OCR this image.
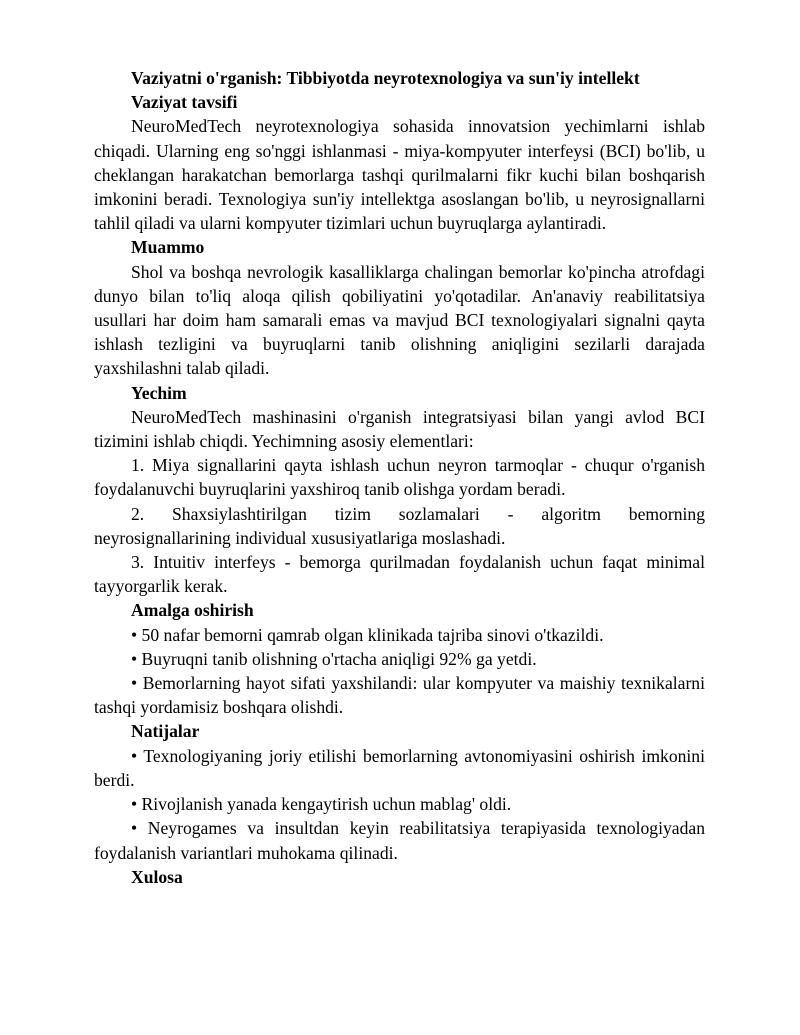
Vaziyatni o'rganish: Tibbiyotda neyrotexnologiya va sun'iy intellekt

Vaziyat tavsifi

NeuroMedTech neyrotexnologiya sohasida innovatsion yechimlarni ishlab chiqadi. Ularning eng so'nggi ishlanmasi - miya-kompyuter interfeysi (BCI) bo'lib, u cheklangan harakatchan bemorlarga tashqi qurilmalarni fikr kuchi bilan boshqarish imkonini beradi. Texnologiya sun'iy intellektga asoslangan bo'lib, u neyrosignallarni tahlil qiladi va ularni kompyuter tizimlari uchun buyruqlarga aylantiradi.

Muammo

Shol va boshqa nevrologik kasalliklarga chalingan bemorlar ko'pincha atrofdagi dunyo bilan to'liq aloqa qilish qobiliyatini yo'qotadilar. An'anaviy reabilitatsiya usullari har doim ham samarali emas va mavjud BCI texnologiyalari signalni qayta ishlash tezligini va buyruqlarni tanib olishning aniqligini sezilarli darajada yaxshilashni talab qiladi.

Yechim

NeuroMedTech mashinasini o'rganish integratsiyasi bilan yangi avlod BCI tizimini ishlab chiqdi. Yechimning asosiy elementlari:

1. Miya signallarini qayta ishlash uchun neyron tarmoqlar - chuqur o'rganish foydalanuvchi buyruqlarini yaxshiroq tanib olishga yordam beradi.

2. Shaxsiylashtirilgan tizim sozlamalari - algoritm bemorning neyrosignallarining individual xususiyatlariga moslashadi.

3. Intuitiv interfeys - bemorga qurilmadan foydalanish uchun faqat minimal tayyorgarlik kerak.

Amalga oshirish

• 50 nafar bemorni qamrab olgan klinikada tajriba sinovi o'tkazildi.

• Buyruqni tanib olishning o'rtacha aniqligi 92% ga yetdi.

• Bemorlarning hayot sifati yaxshilandi: ular kompyuter va maishiy texnikalarni tashqi yordamisiz boshqara olishdi.

Natijalar

• Texnologiyaning joriy etilishi bemorlarning avtonomiyasini oshirish imkonini berdi.

• Rivojlanish yanada kengaytirish uchun mablag' oldi.

• Neyrogames va insultdan keyin reabilitatsiya terapiyasida texnologiyadan foydalanish variantlari muhokama qilinadi.

Xulosa
